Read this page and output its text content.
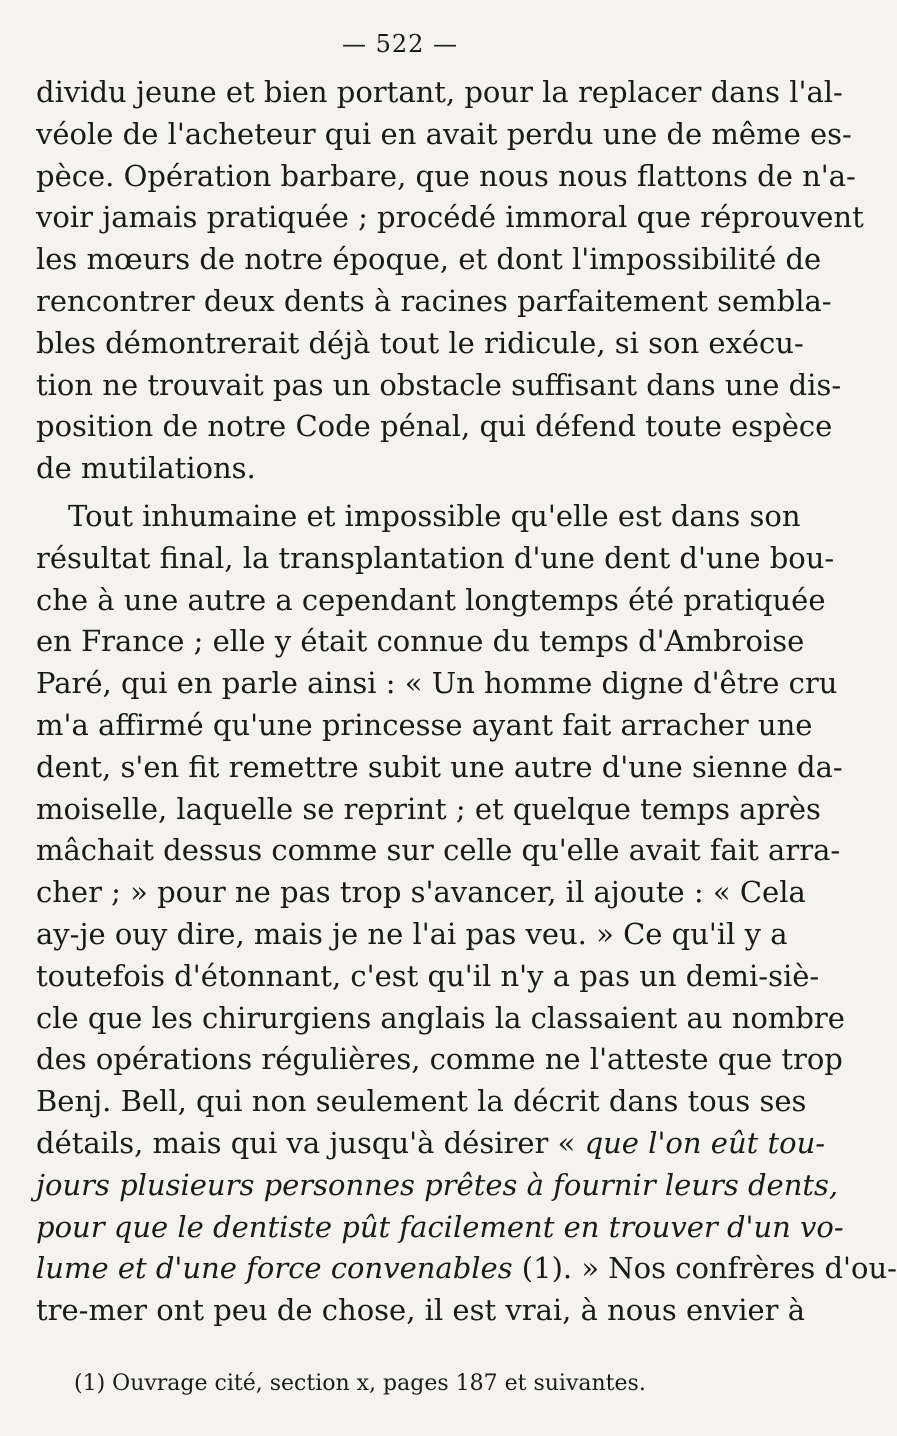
— 522 —
dividu jeune et bien portant, pour la replacer dans l'al-
véole de l'acheteur qui en avait perdu une de même es-
pèce. Opération barbare, que nous nous flattons de n'a-
voir jamais pratiquée ; procédé immoral que réprouvent
les mœurs de notre époque, et dont l'impossibilité de
rencontrer deux dents à racines parfaitement sembla-
bles démontrerait déjà tout le ridicule, si son exécu-
tion ne trouvait pas un obstacle suffisant dans une dis-
position de notre Code pénal, qui défend toute espèce
de mutilations.
Tout inhumaine et impossible qu'elle est dans son
résultat final, la transplantation d'une dent d'une bou-
che à une autre a cependant longtemps été pratiquée
en France ; elle y était connue du temps d'Ambroise
Paré, qui en parle ainsi : « Un homme digne d'être cru
m'a affirmé qu'une princesse ayant fait arracher une
dent, s'en fit remettre subit une autre d'une sienne da-
moiselle, laquelle se reprint ; et quelque temps après
mâchait dessus comme sur celle qu'elle avait fait arra-
cher ; » pour ne pas trop s'avancer, il ajoute : « Cela
ay-je ouy dire, mais je ne l'ai pas veu. » Ce qu'il y a
toutefois d'étonnant, c'est qu'il n'y a pas un demi-siè-
cle que les chirurgiens anglais la classaient au nombre
des opérations régulières, comme ne l'atteste que trop
Benj. Bell, qui non seulement la décrit dans tous ses
détails, mais qui va jusqu'à désirer « que l'on eût tou-
jours plusieurs personnes prêtes à fournir leurs dents,
pour que le dentiste pût facilement en trouver d'un vo-
lume et d'une force convenables (1). » Nos confrères d'ou-
tre-mer ont peu de chose, il est vrai, à nous envier à
(1) Ouvrage cité, section x, pages 187 et suivantes.
